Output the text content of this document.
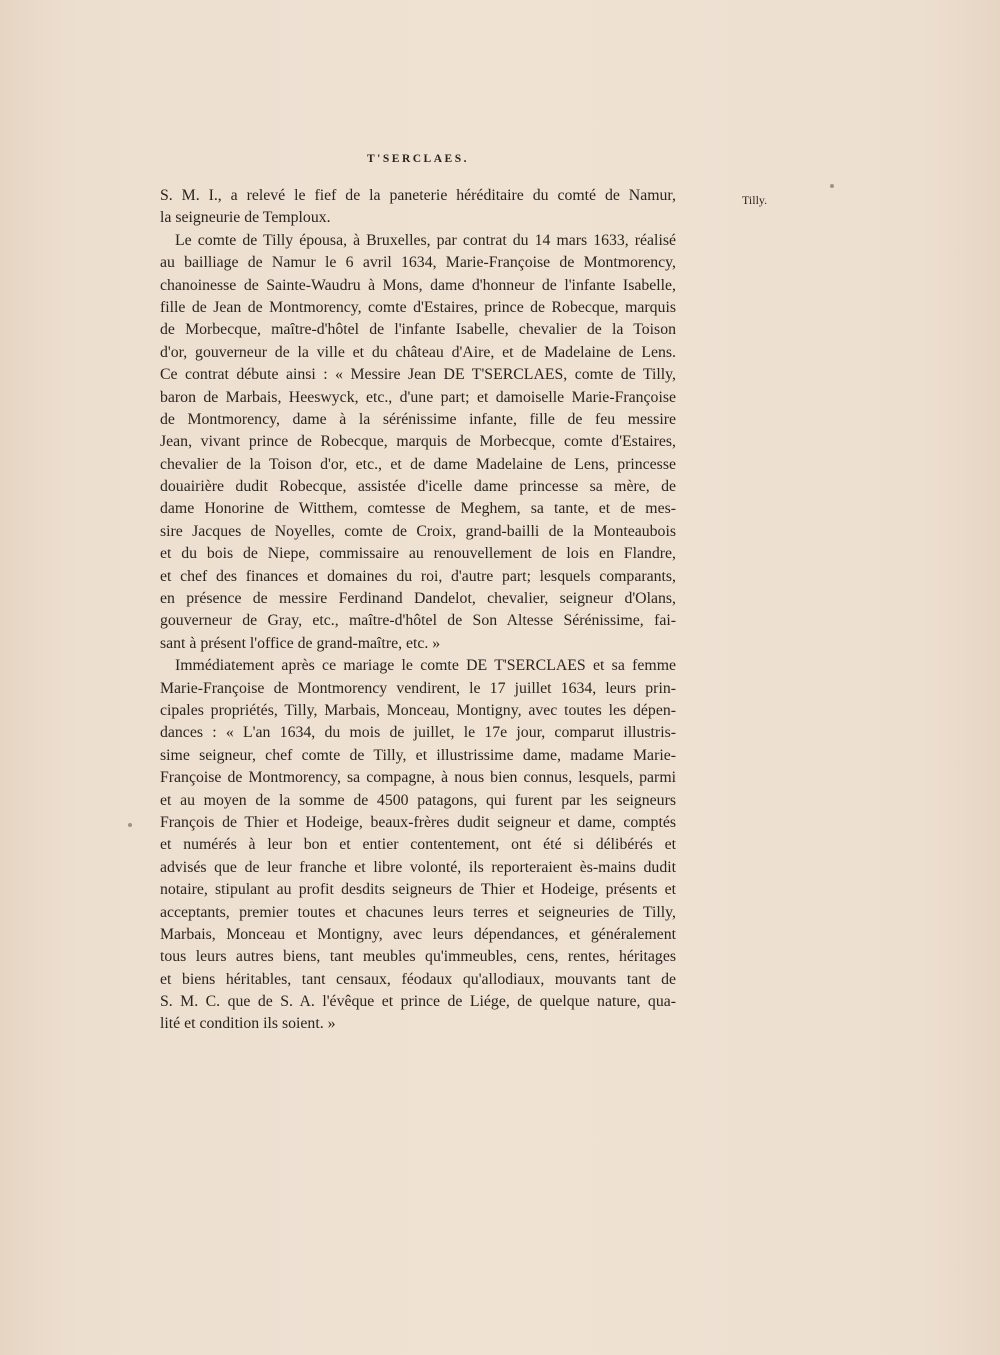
T'SERCLAES.
Tilly.
S. M. I., a relevé le fief de la paneterie héréditaire du comté de Namur,
la seigneurie de Temploux.
Le comte de Tilly épousa, à Bruxelles, par contrat du 14 mars 1633, réalisé
au bailliage de Namur le 6 avril 1634, Marie-Françoise de Montmorency,
chanoinesse de Sainte-Waudru à Mons, dame d'honneur de l'infante Isabelle,
fille de Jean de Montmorency, comte d'Estaires, prince de Robecque, marquis
de Morbecque, maître-d'hôtel de l'infante Isabelle, chevalier de la Toison
d'or, gouverneur de la ville et du château d'Aire, et de Madelaine de Lens.
Ce contrat débute ainsi : « Messire Jean DE T'SERCLAES, comte de Tilly,
baron de Marbais, Heeswyck, etc., d'une part; et damoiselle Marie-Françoise
de Montmorency, dame à la sérénissime infante, fille de feu messire
Jean, vivant prince de Robecque, marquis de Morbecque, comte d'Estaires,
chevalier de la Toison d'or, etc., et de dame Madelaine de Lens, princesse
douairière dudit Robecque, assistée d'icelle dame princesse sa mère, de
dame Honorine de Witthem, comtesse de Meghem, sa tante, et de mes-
sire Jacques de Noyelles, comte de Croix, grand-bailli de la Monteaubois
et du bois de Niepe, commissaire au renouvellement de lois en Flandre,
et chef des finances et domaines du roi, d'autre part; lesquels comparants,
en présence de messire Ferdinand Dandelot, chevalier, seigneur d'Olans,
gouverneur de Gray, etc., maître-d'hôtel de Son Altesse Sérénissime, fai-
sant à présent l'office de grand-maître, etc. »
Immédiatement après ce mariage le comte DE T'SERCLAES et sa femme
Marie-Françoise de Montmorency vendirent, le 17 juillet 1634, leurs prin-
cipales propriétés, Tilly, Marbais, Monceau, Montigny, avec toutes les dépen-
dances : « L'an 1634, du mois de juillet, le 17e jour, comparut illustris-
sime seigneur, chef comte de Tilly, et illustrissime dame, madame Marie-
Françoise de Montmorency, sa compagne, à nous bien connus, lesquels, parmi
et au moyen de la somme de 4500 patagons, qui furent par les seigneurs
François de Thier et Hodeige, beaux-frères dudit seigneur et dame, comptés
et numérés à leur bon et entier contentement, ont été si délibérés et
advisés que de leur franche et libre volonté, ils reporteraient ès-mains dudit
notaire, stipulant au profit desdits seigneurs de Thier et Hodeige, présents et
acceptants, premier toutes et chacunes leurs terres et seigneuries de Tilly,
Marbais, Monceau et Montigny, avec leurs dépendances, et généralement
tous leurs autres biens, tant meubles qu'immeubles, cens, rentes, héritages
et biens héritables, tant censaux, féodaux qu'allodiaux, mouvants tant de
S. M. C. que de S. A. l'évêque et prince de Liége, de quelque nature, qua-
lité et condition ils soient. »
